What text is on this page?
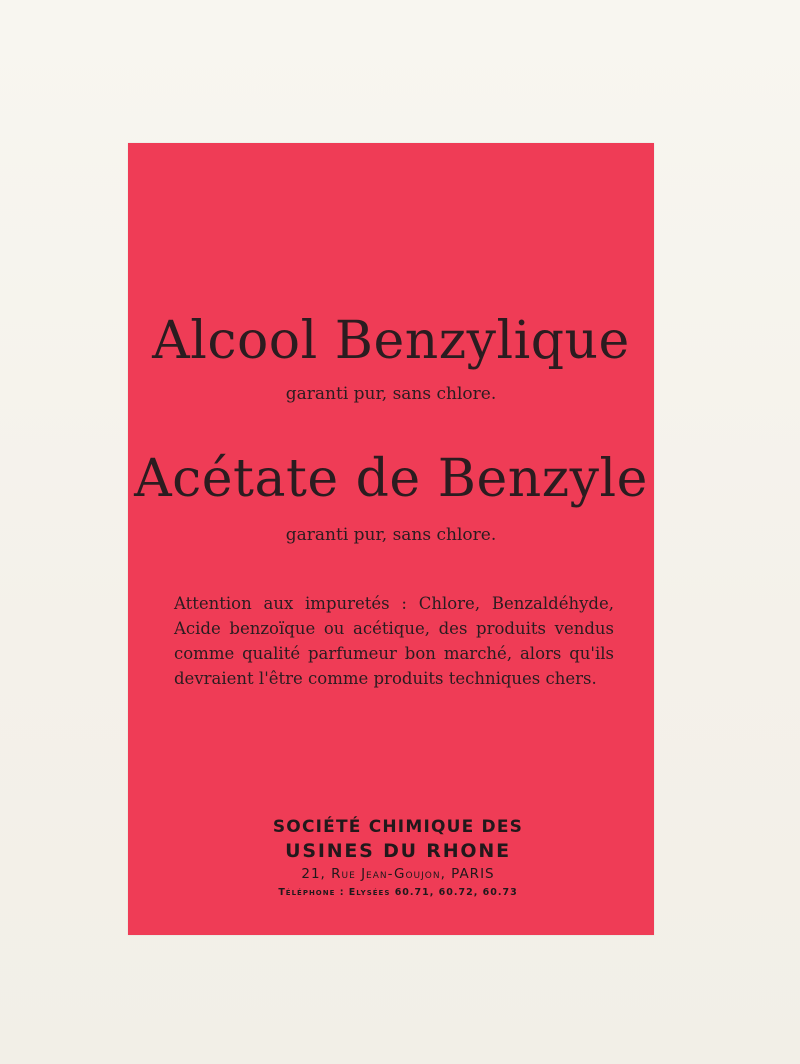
Alcool Benzylique
garanti pur, sans chlore.
Acétate de Benzyle
garanti pur, sans chlore.
Attention aux impuretés : Chlore, Benzaldéhyde, Acide benzoïque ou acétique, des produits vendus comme qualité parfumeur bon marché, alors qu'ils devraient l'être comme produits techniques chers.
SOCIÉTÉ CHIMIQUE DES
USINES DU RHONE
21, Rue Jean-Goujon, PARIS
Téléphone : Elysées 60.71, 60.72, 60.73
